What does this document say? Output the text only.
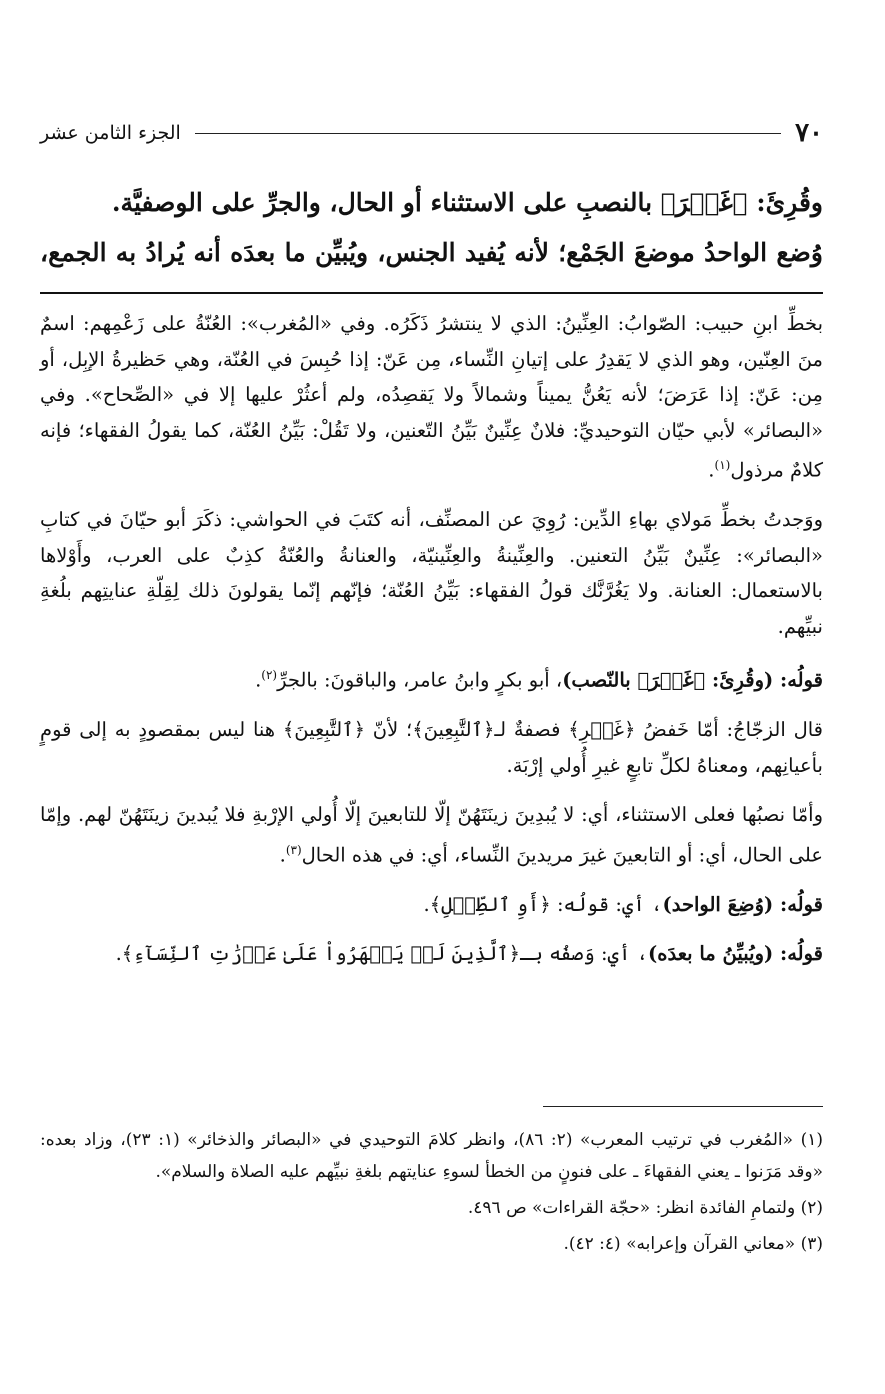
٧٠
الجزء الثامن عشر
وقُرِئَ: ﴿غَيۡرَ﴾ بالنصبِ على الاستثناء أو الحال، والجرِّ على الوصفيَّة.
وُضع الواحدُ موضعَ الجَمْع؛ لأنه يُفيد الجنس، ويُبيِّن ما بعدَه أنه يُرادُ به الجمع،

بخطِّ ابنِ حبيب: الصّوابُ: العِنِّينُ: الذي لا ينتشرُ ذَكَرُه. وفي «المُغرب»: العُنّةُ على زَعْمِهم: اسمٌ منَ العِنّين، وهو الذي لا يَقدِرُ على إتيانِ النِّساء، مِن عَنّ: إذا حُبِسَ في العُنّة، وهي حَظيرةُ الإبِل، أو مِن: عَنّ: إذا عَرَضَ؛ لأنه يَعُنُّ يميناً وشمالاً ولا يَقصِدُه، ولم أعثُرْ عليها إلا في «الصِّحاح». وفي «البصائر» لأبي حيّان التوحيديِّ: فلانٌ عِنِّينٌ بَيِّنُ التّعنين، ولا تَقُلْ: بَيِّنُ العُنّة، كما يقولُ الفقهاء؛ فإنه كلامٌ مرذول$^{(١)}$.

ووَجدتُ بخطِّ مَولاي بهاءِ الدِّين: رُوِيَ عن المصنِّف، أنه كتَبَ في الحواشي: ذكَرَ أبو حيّانَ في كتابِ «البصائر»: عِنِّينٌ بَيِّنُ التعنين. والعِنِّينةُ والعِنِّينيّة، والعنانةُ والعُنّةُ كذِبٌ على العرب، وأَوْلاها بالاستعمال: العنانة. ولا يَغُرَّنَّك قولُ الفقهاء: بَيِّنُ العُنّة؛ فإنّهم إنّما يقولونَ ذلك لِقِلّةِ عنايتِهم بلُغةِ نبيِّهم.

قولُه: (وقُرِئَ: ﴿غَيۡرَ﴾ بالنّصب)، أبو بكرٍ وابنُ عامر، والباقونَ: بالجرِّ$^{(٢)}$.

قال الزجّاجُ: أمّا خَفضُ ﴿غَيۡرِ﴾ فصفةٌ لـ﴿ٱلتَّٰبِعِينَ﴾؛ لأنّ ﴿ٱلتَّٰبِعِينَ﴾ هنا ليس بمقصودٍ به إلى قومٍ بأعيانِهم، ومعناهُ لكلِّ تابعٍ غيرِ أُولي إرْبَة.

وأمّا نصبُها فعلى الاستثناء، أي: لا يُبدِينَ زينَتَهُنّ إلّا للتابعينَ إلّا أُولي الإرْبةِ فلا يُبدينَ زينَتَهُنّ لهم. وإمّا على الحال، أي: أو التابعينَ غيرَ مريدينَ النِّساء، أي: في هذه الحال$^{(٣)}$.

قولُه: (وُضِعَ الواحد)، أي: قولُه: ﴿أَوِ ٱلطِّفۡلِ﴾.

قولُه: (ويُبيِّنُ ما بعدَه)، أي: وَصفُه بـ﴿ٱلَّذِينَ لَمۡ يَظۡهَرُواْ عَلَىٰ عَوۡرَٰتِ ٱلنِّسَآءِ﴾.

(١) «المُغرب في ترتيب المعرب» (٢: ٨٦)، وانظر كلامَ التوحيدي في «البصائر والذخائر» (١: ٢٣)، وزاد بعده: «وقد مَرَنوا ـ يعني الفقهاءَ ـ على فنونٍ من الخطأ لسوءِ عنايتهم بلغةِ نبيِّهم عليه الصلاة والسلام».

(٢) ولتمامِ الفائدة انظر: «حجّة القراءات» ص ٤٩٦.

(٣) «معاني القرآن وإعرابه» (٤: ٤٢).
